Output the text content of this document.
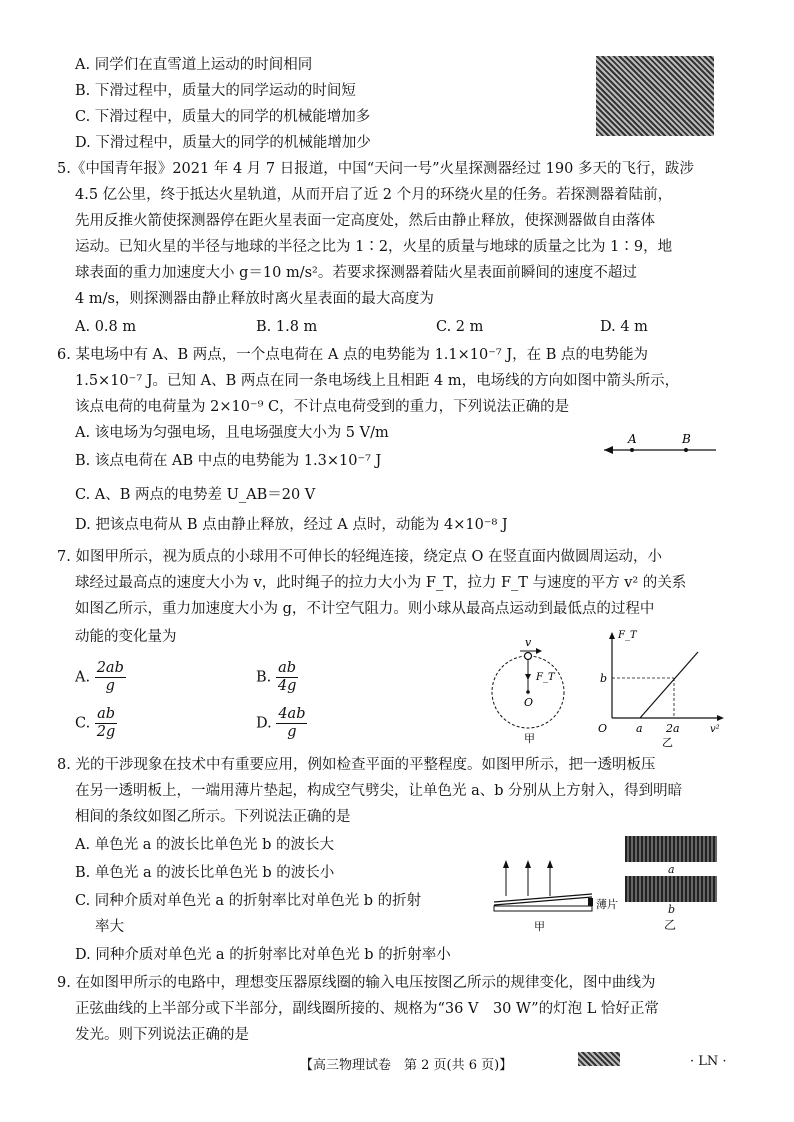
A. 同学们在直雪道上运动的时间相同
B. 下滑过程中，质量大的同学运动的时间短
C. 下滑过程中，质量大的同学的机械能增加多
D. 下滑过程中，质量大的同学的机械能增加少
5.《中国青年报》2021 年 4 月 7 日报道，中国“天问一号”火星探测器经过 190 多天的飞行，跋涉
4.5 亿公里，终于抵达火星轨道，从而开启了近 2 个月的环绕火星的任务。若探测器着陆前，
先用反推火箭使探测器停在距火星表面一定高度处，然后由静止释放，使探测器做自由落体
运动。已知火星的半径与地球的半径之比为 1∶2，火星的质量与地球的质量之比为 1∶9，地
球表面的重力加速度大小 g＝10 m/s²。若要求探测器着陆火星表面前瞬间的速度不超过
4 m/s，则探测器由静止释放时离火星表面的最大高度为
A. 0.8 m	B. 1.8 m	C. 2 m	D. 4 m
6. 某电场中有 A、B 两点，一个点电荷在 A 点的电势能为 1.1×10⁻⁷ J，在 B 点的电势能为
1.5×10⁻⁷ J。已知 A、B 两点在同一条电场线上且相距 4 m，电场线的方向如图中箭头所示，
该点电荷的电荷量为 2×10⁻⁹ C，不计点电荷受到的重力，下列说法正确的是
A. 该电场为匀强电场，且电场强度大小为 5 V/m
B. 该点电荷在 AB 中点的电势能为 1.3×10⁻⁷ J
C. A、B 两点的电势差 U_AB＝20 V
D. 把该点电荷从 B 点由静止释放，经过 A 点时，动能为 4×10⁻⁸ J
A	B
7. 如图甲所示，视为质点的小球用不可伸长的轻绳连接，绕定点 O 在竖直面内做圆周运动，小
球经过最高点的速度大小为 v，此时绳子的拉力大小为 F_T，拉力 F_T 与速度的平方 v² 的关系
如图乙所示，重力加速度大小为 g，不计空气阻力。则小球从最高点运动到最低点的过程中
动能的变化量为
A. $\frac{2ab}{g}$	B. $\frac{ab}{4g}$
C. $\frac{ab}{2g}$	D. $\frac{4ab}{g}$
v
F_T
O
甲
F_T
v²
O
b
a 2a
乙
8. 光的干涉现象在技术中有重要应用，例如检查平面的平整程度。如图甲所示，把一透明板压
在另一透明板上，一端用薄片垫起，构成空气劈尖，让单色光 a、b 分别从上方射入，得到明暗
相间的条纹如图乙所示。下列说法正确的是
A. 单色光 a 的波长比单色光 b 的波长大
B. 单色光 a 的波长比单色光 b 的波长小
C. 同种介质对单色光 a 的折射率比对单色光 b 的折射
率大
D. 同种介质对单色光 a 的折射率比对单色光 b 的折射率小
薄片
甲
a
b
乙
9. 在如图甲所示的电路中，理想变压器原线圈的输入电压按图乙所示的规律变化，图中曲线为
正弦曲线的上半部分或下半部分，副线圈所接的、规格为“36 V　30 W”的灯泡 L 恰好正常
发光。则下列说法正确的是
【高三物理试卷　第 2 页(共 6 页)】	· LN ·
